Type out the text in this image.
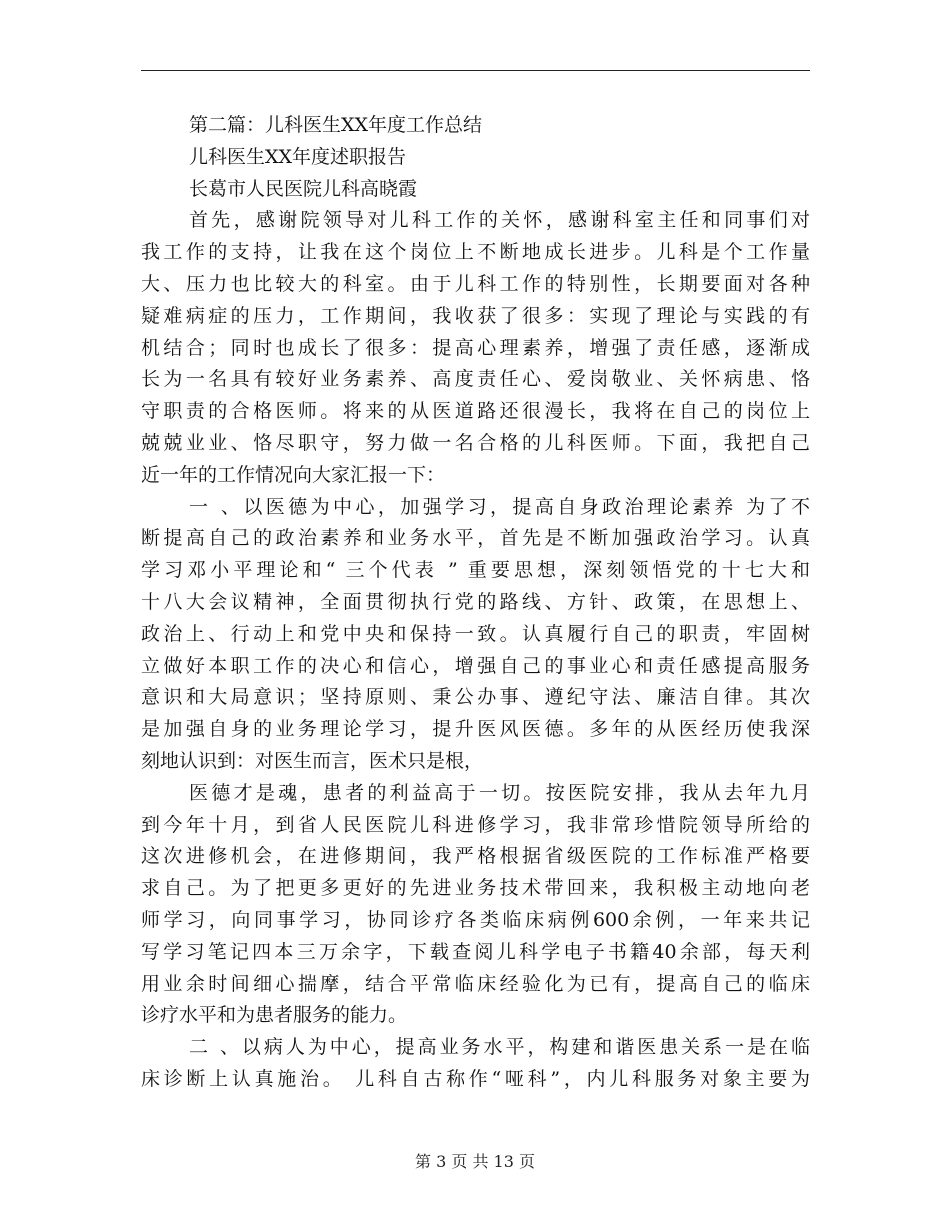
第二篇：儿科医生XX年度工作总结
儿科医生XX年度述职报告
长葛市人民医院儿科高晓霞
首先，感谢院领导对儿科工作的关怀，感谢科室主任和同事们对
我工作的支持，让我在这个岗位上不断地成长进步。儿科是个工作量
大、压力也比较大的科室。由于儿科工作的特别性，长期要面对各种
疑难病症的压力，工作期间，我收获了很多：实现了理论与实践的有
机结合；同时也成长了很多：提高心理素养，增强了责任感，逐渐成
长为一名具有较好业务素养、高度责任心、爱岗敬业、关怀病患、恪
守职责的合格医师。将来的从医道路还很漫长，我将在自己的岗位上
兢兢业业、恪尽职守，努力做一名合格的儿科医师。下面，我把自己
近一年的工作情况向大家汇报一下：
一 、以医德为中心，加强学习，提高自身政治理论素养 为了不
断提高自己的政治素养和业务水平，首先是不断加强政治学习。认真
学习邓小平理论和“ 三个代表 ” 重要思想，深刻领悟党的十七大和
十八大会议精神，全面贯彻执行党的路线、方针、政策，在思想上、
政治上、行动上和党中央和保持一致。认真履行自己的职责，牢固树
立做好本职工作的决心和信心，增强自己的事业心和责任感提高服务
意识和大局意识；坚持原则、秉公办事、遵纪守法、廉洁自律。其次
是加强自身的业务理论学习，提升医风医德。多年的从医经历使我深
刻地认识到：对医生而言，医术只是根，
医德才是魂，患者的利益高于一切。按医院安排，我从去年九月
到今年十月，到省人民医院儿科进修学习，我非常珍惜院领导所给的
这次进修机会，在进修期间，我严格根据省级医院的工作标准严格要
求自己。为了把更多更好的先进业务技术带回来，我积极主动地向老
师学习，向同事学习，协同诊疗各类临床病例600余例，一年来共记
写学习笔记四本三万余字，下载查阅儿科学电子书籍40余部，每天利
用业余时间细心揣摩，结合平常临床经验化为已有，提高自己的临床
诊疗水平和为患者服务的能力。
二 、以病人为中心，提高业务水平，构建和谐医患关系一是在临
床诊断上认真施治。 儿科自古称作“哑科”，内儿科服务对象主要为
第 3 页 共 13 页
